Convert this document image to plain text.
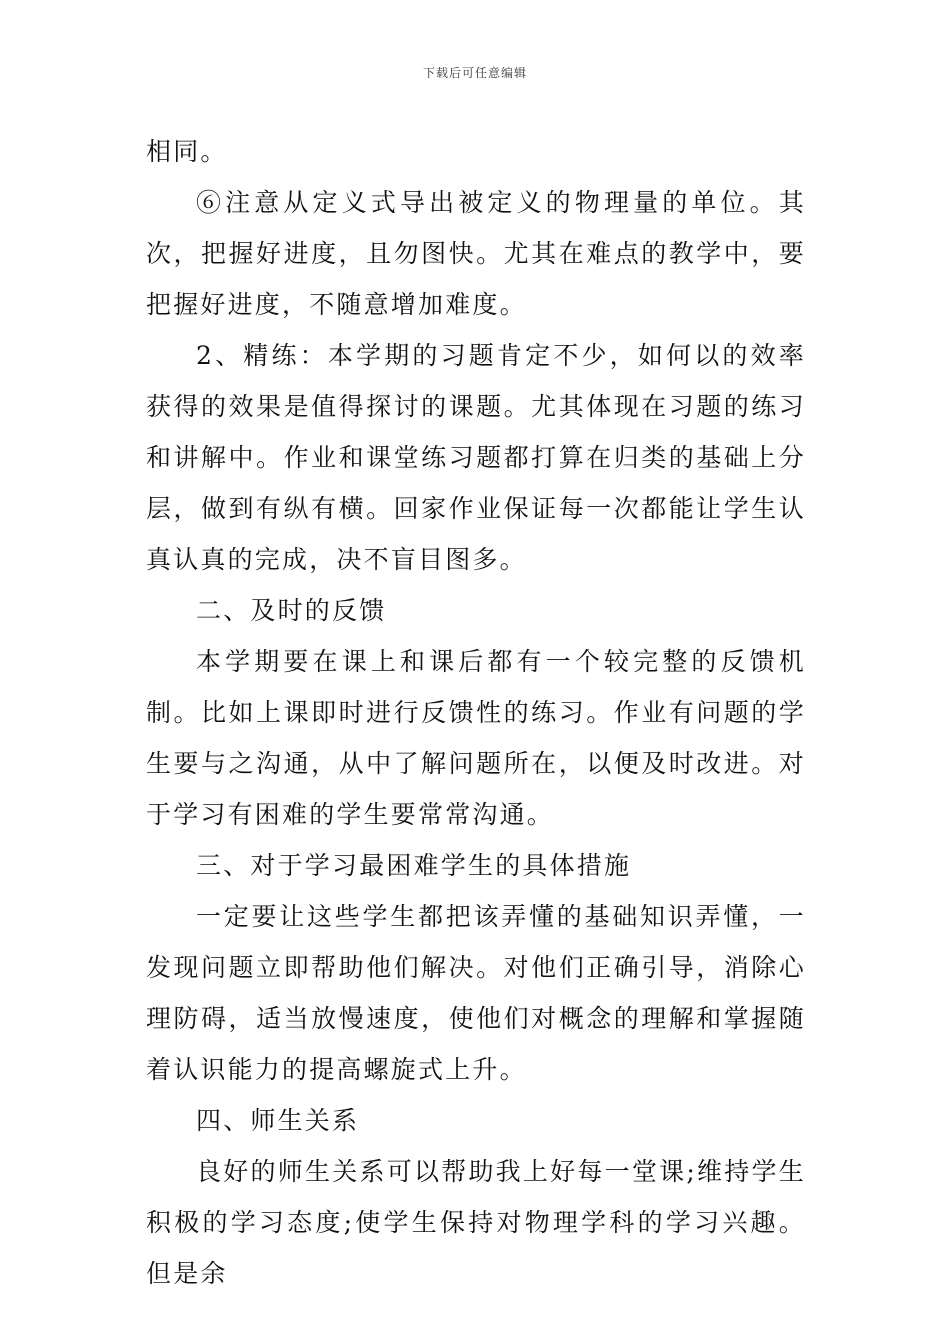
下载后可任意编辑

相同。

⑥注意从定义式导出被定义的物理量的单位。其次，把握好进度，且勿图快。尤其在难点的教学中，要把握好进度，不随意增加难度。

2、精练：本学期的习题肯定不少，如何以的效率获得的效果是值得探讨的课题。尤其体现在习题的练习和讲解中。作业和课堂练习题都打算在归类的基础上分层，做到有纵有横。回家作业保证每一次都能让学生认真认真的完成，决不盲目图多。

二、及时的反馈

本学期要在课上和课后都有一个较完整的反馈机制。比如上课即时进行反馈性的练习。作业有问题的学生要与之沟通，从中了解问题所在，以便及时改进。对于学习有困难的学生要常常沟通。

三、对于学习最困难学生的具体措施

一定要让这些学生都把该弄懂的基础知识弄懂，一发现问题立即帮助他们解决。对他们正确引导，消除心理防碍，适当放慢速度，使他们对概念的理解和掌握随着认识能力的提高螺旋式上升。

四、师生关系

良好的师生关系可以帮助我上好每一堂课;维持学生积极的学习态度;使学生保持对物理学科的学习兴趣。但是余
